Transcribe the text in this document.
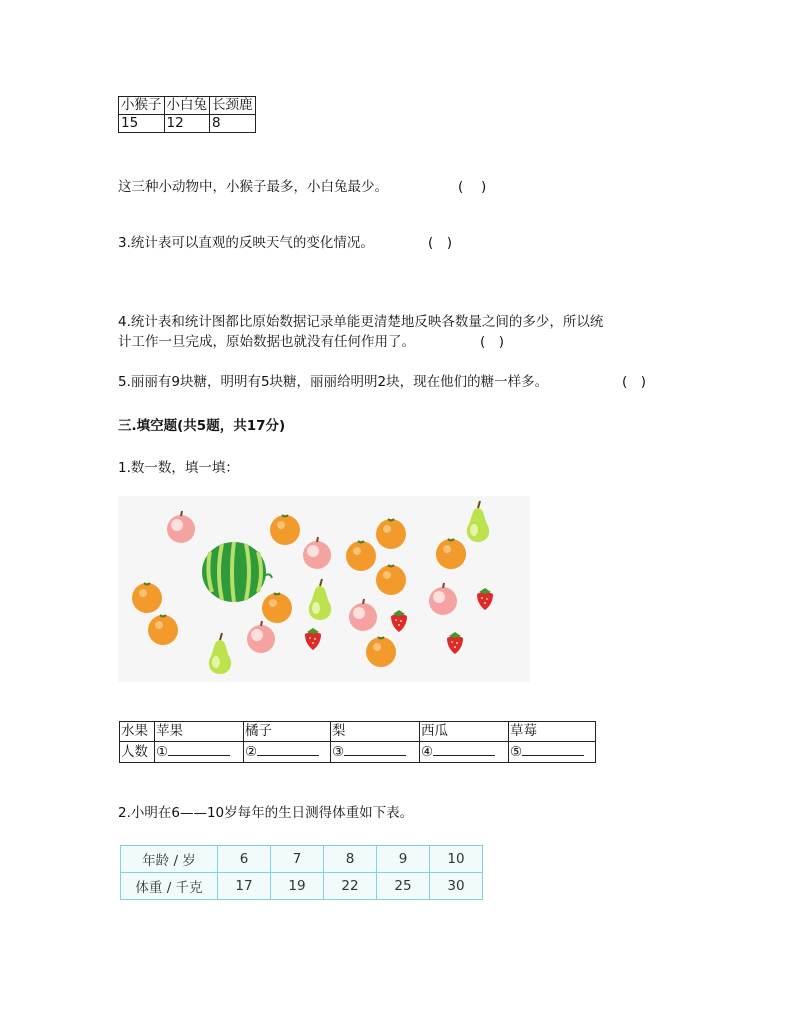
小猴子	小白兔	长颈鹿
15	12	8
这三种小动物中，小猴子最多，小白兔最少。	(　 )
3.统计表可以直观的反映天气的变化情况。	(　)
4.统计表和统计图都比原始数据记录单能更清楚地反映各数量之间的多少，所以统
计工作一旦完成，原始数据也就没有任何作用了。	(　)
5.丽丽有9块糖，明明有5块糖，丽丽给明明2块，现在他们的糖一样多。	(　)
三.填空题(共5题，共17分)
1.数一数，填一填：
水果	苹果	橘子	梨	西瓜	草莓
人数	①	②	③	④	⑤
2.小明在6——10岁每年的生日测得体重如下表。
年龄 / 岁	6	7	8	9	10
体重 / 千克	17	19	22	25	30
